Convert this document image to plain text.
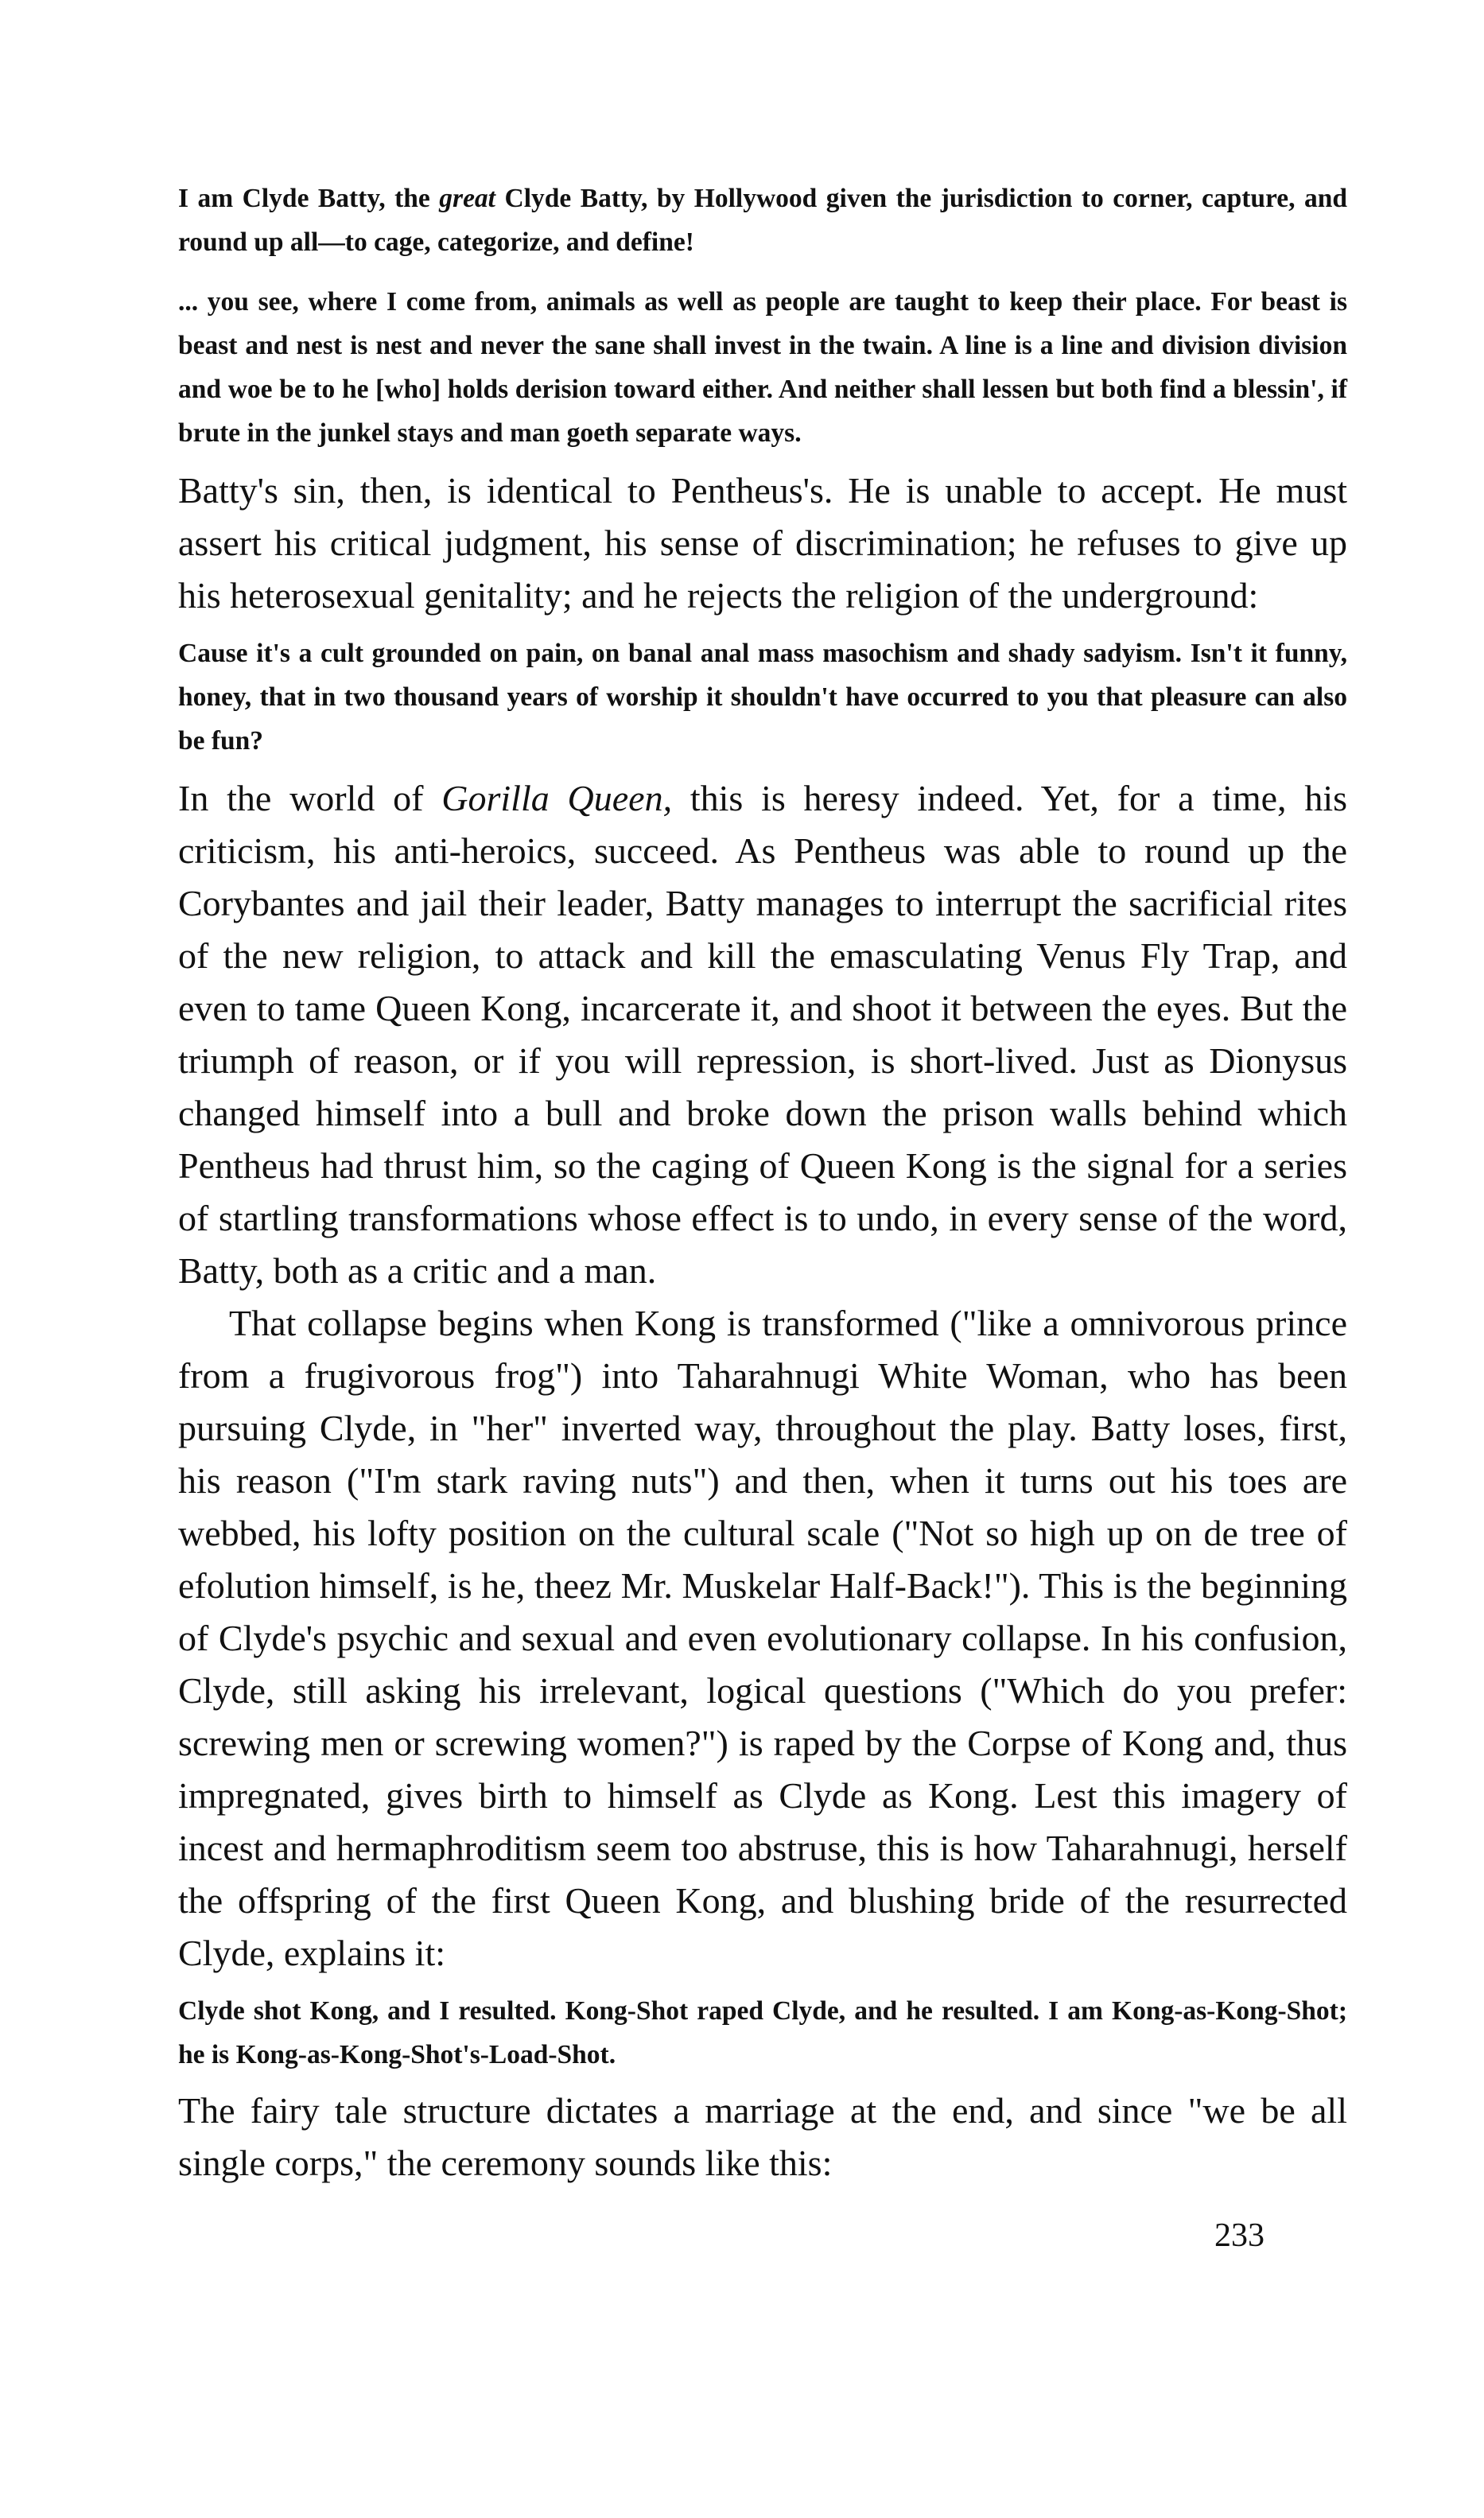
I am Clyde Batty, the great Clyde Batty, by Hollywood given the jurisdiction to corner, capture, and round up all—to cage, categorize, and define!

... you see, where I come from, animals as well as people are taught to keep their place. For beast is beast and nest is nest and never the sane shall invest in the twain. A line is a line and division division and woe be to he [who] holds derision toward either. And neither shall lessen but both find a blessin', if brute in the junkel stays and man goeth separate ways.

Batty's sin, then, is identical to Pentheus's. He is unable to accept. He must assert his critical judgment, his sense of discrimination; he refuses to give up his heterosexual genitality; and he rejects the religion of the underground:

Cause it's a cult grounded on pain, on banal anal mass masochism and shady sadyism. Isn't it funny, honey, that in two thousand years of worship it shouldn't have occurred to you that pleasure can also be fun?

In the world of Gorilla Queen, this is heresy indeed. Yet, for a time, his criticism, his anti-heroics, succeed. As Pentheus was able to round up the Corybantes and jail their leader, Batty manages to interrupt the sacrificial rites of the new religion, to attack and kill the emasculating Venus Fly Trap, and even to tame Queen Kong, incarcerate it, and shoot it between the eyes. But the triumph of reason, or if you will repression, is short-lived. Just as Dionysus changed himself into a bull and broke down the prison walls behind which Pentheus had thrust him, so the caging of Queen Kong is the signal for a series of startling transformations whose effect is to undo, in every sense of the word, Batty, both as a critic and a man.

That collapse begins when Kong is transformed ("like a omnivorous prince from a frugivorous frog") into Taharahnugi White Woman, who has been pursuing Clyde, in "her" inverted way, throughout the play. Batty loses, first, his reason ("I'm stark raving nuts") and then, when it turns out his toes are webbed, his lofty position on the cultural scale ("Not so high up on de tree of efolution himself, is he, theez Mr. Muskelar Half-Back!"). This is the beginning of Clyde's psychic and sexual and even evolutionary collapse. In his confusion, Clyde, still asking his irrelevant, logical questions ("Which do you prefer: screwing men or screwing women?") is raped by the Corpse of Kong and, thus impregnated, gives birth to himself as Clyde as Kong. Lest this imagery of incest and hermaphroditism seem too abstruse, this is how Taharahnugi, herself the offspring of the first Queen Kong, and blushing bride of the resurrected Clyde, explains it:

Clyde shot Kong, and I resulted. Kong-Shot raped Clyde, and he resulted. I am Kong-as-Kong-Shot; he is Kong-as-Kong-Shot's-Load-Shot.

The fairy tale structure dictates a marriage at the end, and since "we be all single corps," the ceremony sounds like this:

233
